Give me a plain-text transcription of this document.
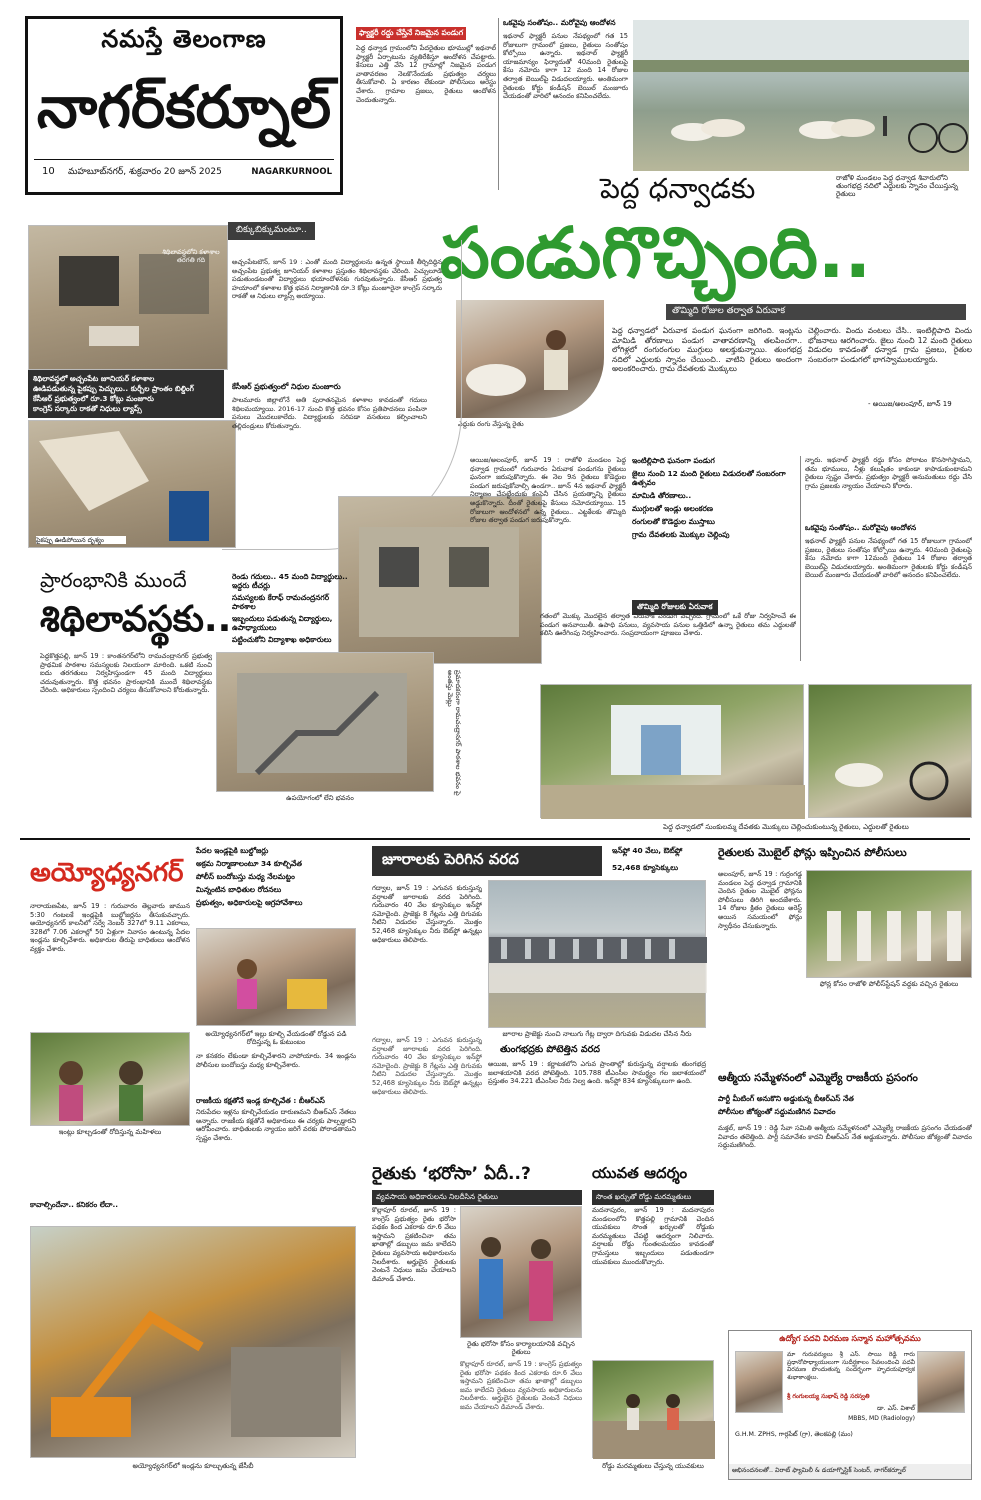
నమస్తే తెలంగాణ
నాగర్‌కర్నూల్
10 మహబూబ్‌నగర్, శుక్రవారం 20 జూన్ 2025	NAGARKURNOOL
ఫ్యాక్టరీ రద్దు చేస్తేనే నిజమైన పండుగ
పెద్ద ధన్వాడ గ్రామంలోని పేదరైతుల భూముల్లో ఇథనాల్ ఫ్యాక్టరీ ఏర్పాటును వ్యతిరేకిస్తూ ఆందోళన చేపట్టారు. కేసులు ఎత్తి వేసి 12 గ్రామాల్లో నిజమైన పండుగ వాతావరణం నెలకొనేందుకు ప్రభుత్వం చర్యలు తీసుకోవాలి. ఏ కారణం లేకుండా పోలీసులు అరెస్టు చేశారు. గ్రామాల ప్రజలు, రైతులు ఆందోళన చెందుతున్నారు.
ఒకవైపు సంతోషం.. మరోవైపు ఆందోళన
ఇథనాల్ ఫ్యాక్టరీ పనుల నేపథ్యంలో గత 15 రోజులుగా గ్రామంలో ప్రజలు, రైతులు సంతోషం కోల్పోయి ఉన్నారు. ఇథనాల్ ఫ్యాక్టరీ యాజమాన్యం ఫిర్యాదుతో 40మంది రైతులపై కేసు నమోదు కాగా 12 మంది 14 రోజుల తర్వాత బెయిల్‌పై విడుదలయ్యారు. అంతిమంగా రైతులకు కోర్టు కండీషన్ బెయిల్ మంజూరు చేయడంతో వారిలో ఆనందం కనిపించలేదు.
రాజోళి మండలం పెద్ద ధన్వాడ శివారులోని తుంగభద్ర నదిలో ఎద్దులకు స్నానం చేయిస్తున్న రైతులు
పెద్ద ధన్వాడకు
పండుగొచ్చింది..
తొమ్మిది రోజుల తర్వాత ఏరువాక
ఎద్దుకు రంగు వేస్తున్న రైతు
పెద్ద ధన్వాడలో ఏరువాక పండుగ ఘనంగా జరిగింది. ఇంట్లను మామిడి తోరణాలు పండుగ వాతావరణాన్ని తలపించగా.. లోగిళ్లలో రంగురంగుల ముగ్గులు అలక్తుకున్నాయి. తుంగభద్ర నదిలో ఎద్దులకు స్నానం చేయించి.. వాటిని రైతులు అందంగా అలంకరించారు. గ్రామ దేవతలకు మొక్కులు
చెల్లించారు. విందు వంటలు చేసి.. ఇంటిల్లిపాది విందు భోజనాలు ఆరగించారు. జైలు నుంచి 12 మంది రైతులు విడుదల కావడంతో ధన్వాడ గ్రామ ప్రజలు, రైతుల సంబరంగా పండుగలో భాగస్వాములయ్యారు.
- అయిజ/అలంపూర్, జూన్ 19
బిక్కుబిక్కుమంటూ..
శిథిలావస్థలోని కళాశాల తరగతి గది
శిథిలావస్థలో అచ్చంపేట జూనియర్ కళాశాల
ఊడిపడుతున్న పైకప్పు పెచ్చులు.. కుర్చీల ప్రాంతం బిల్డింగ్
కేసీఆర్ ప్రభుత్వంలో రూ.3 కోట్లు మంజూరు
కాంగ్రెస్ సర్కారు రాకతో నిధులు ల్యాప్స్
పైకప్పు ఊడిపోయిన దృశ్యం
అచ్చంపేటటౌన్, జూన్ 19 : ఎంతో మంది విద్యార్థులను ఉన్నత స్థాయికి తీర్చిదిద్దిన అచ్చంపేట ప్రభుత్వ జూనియర్ కళాశాల ప్రస్తుతం శిథిలావస్థకు చేరింది. పెచ్చులూడి పడుతుండటంతో విద్యార్థులు భయాందోళనకు గురవుతున్నారు. కేసీఆర్ ప్రభుత్వ హయాంలో కళాశాల కొత్త భవన నిర్మాణానికి రూ.3 కోట్లు మంజూరైనా కాంగ్రెస్ సర్కారు రాకతో ఆ నిధులు ల్యాప్స్ అయ్యాయి.
కేసీఆర్ ప్రభుత్వంలో నిధుల మంజూరు
పాలమూరు జిల్లాలోనే అతి పురాతనమైన కళాశాల కావడంతో గదులు శిథిలమయ్యాయి. 2016-17 నుంచి కొత్త భవనం కోసం ప్రతిపాదనలు పంపినా పనులు మొదలుకాలేదు. విద్యార్థులకు సరిపడా వసతులు కల్పించాలని తల్లిదండ్రులు కోరుతున్నారు.
ప్రమాదకరంగా రామచంద్రానగర్ పాఠశాల భవనం పై అంతస్తు మెట్లు
ఉపయోగంలో లేని భవనం
ప్రారంభానికి ముందే
శిథిలావస్థకు..
రెండు గదులు.. 45 మంది విద్యార్థులు.. ఇద్దరు టీచర్లు
సమస్యలకు కేరాఫ్ రామచంద్రనగర్ పాఠశాల
ఇబ్బందులు పడుతున్న విద్యార్థులు, ఉపాధ్యాయులు
పట్టించుకోని విద్యాశాఖ అధికారులు
పెద్దకొత్తపల్లి, జూన్ 19 : కాంతనగర్‌లోని రామచంద్రానగర్ ప్రభుత్వ ప్రాథమిక పాఠశాల సమస్యలకు నిలయంగా మారింది. ఒకటి నుంచి ఐదు తరగతులు నిర్వహిస్తుండగా 45 మంది విద్యార్థులు చదువుతున్నారు. కొత్త భవనం ప్రారంభానికి ముందే శిథిలావస్థకు చేరింది. అధికారులు స్పందించి చర్యలు తీసుకోవాలని కోరుతున్నారు.
ఇంటిల్లిపాది ఘనంగా పండుగ
జైలు నుంచి 12 మంది రైతులు విడుదలతో సంబరంగా ఉత్సవం
మామిడి తోరణాలు..
ముగ్గులతో ఇండ్లు అలంకరణ
రంగులతో కొడెద్దుల ముస్తాబు
గ్రామ దేవతలకు మొక్కుల చెల్లింపు
అయిజ/అలంపూర్, జూన్ 19 : రాజోళి మండలం పెద్ద ధన్వాడ గ్రామంలో గురువారం ఏరువాక పండుగను రైతులు ఘనంగా జరుపుకొన్నారు. ఈ నెల 9న రైతులు కొడెద్దుల పండుగ జరుపుకోవాల్సి ఉండగా.. జూన్ 4న ఇథనాల్ ఫ్యాక్టరీ నిర్మాణం చేపట్టేందుకు కంపెనీ చేసిన ప్రయత్నాన్ని రైతులు అడ్డుకొన్నారు. దీంతో రైతులపై కేసులు నమోదయ్యాయి. 15 రోజులుగా ఆందోళనలో ఉన్న రైతులు.. ఎట్టకేలకు తొమ్మిది రోజుల తర్వాత పండుగ జరుపుకొన్నారు.
తొమ్మిది రోజులకు ఏరువాక
గతంలో మొక్కు మొదలైన తర్వాత ఏరువాక పండుగ వచ్చింది. గ్రామంలో ఒకే రోజు నిర్వహించే ఈ పండుగ ఆనవాయితీ. ఉపాధి పనులు, వ్యవసాయ పనుల ఒత్తిడిలో ఉన్నా రైతులు తమ ఎద్దులతో కలిసి ఊరేగింపు నిర్వహించారు. సంప్రదాయంగా పూజలు చేశారు.
న్నారు. ఇథనాల్ ఫ్యాక్టరీ రద్దు కోసం పోరాటం కొనసాగిస్తామని, తమ భూములు, నీళ్లు కలుషితం కాకుండా కాపాడుకుంటామని రైతులు స్పష్టం చేశారు. ప్రభుత్వం ఫ్యాక్టరీ అనుమతులు రద్దు చేసి గ్రామ ప్రజలకు న్యాయం చేయాలని కోరారు.
ఒకవైపు సంతోషం.. మరోవైపు ఆందోళన
ఇథనాల్ ఫ్యాక్టరీ పనుల నేపథ్యంలో గత 15 రోజులుగా గ్రామంలో ప్రజలు, రైతులు సంతోషం కోల్పోయి ఉన్నారు. 40మంది రైతులపై కేసు నమోదు కాగా 12మంది రైతులు 14 రోజుల తర్వాత బెయిల్‌పై విడుదలయ్యారు. అంతిమంగా రైతులకు కోర్టు కండీషన్ బెయిల్ మంజూరు చేయడంతో వారిలో ఆనందం కనిపించలేదు.
పెద్ద ధన్వాడలో సుంకులమ్మ దేవతకు మొక్కులు చెల్లించుకుంటున్న రైతులు, ఎద్దులతో రైతులు
అయ్యోధ్యనగర్
పేదల ఇండ్లపైకి బుల్డోజర్లు
అక్రమ నిర్మాణాలంటూ 34 కూల్చివేత
పోలీస్ బందోబస్తు మధ్య నేలమట్టం
మిన్నంటిన బాధితుల రోదనలు
ప్రభుత్వం, అధికారులపై ఆగ్రహావేశాలు
నారాయణపేట, జూన్ 19 : గురువారం తెల్లవారు జామున 5:30 గంటలకే ఇండ్లపైకి బుల్డోజర్లను తీసుకువచ్చారు. అయోధ్యనగర్ కాలనీలో సర్వే నెంబర్ 327లో 9.11 ఎకరాలు, 328లో 7.06 ఎకరాల్లో 50 ఏళ్లుగా నివాసం ఉంటున్న పేదల ఇండ్లను కూల్చివేశారు. అధికారుల తీరుపై బాధితులు ఆందోళన వ్యక్తం చేశారు.
అయ్యోధ్యనగర్‌లో ఇల్లు కూల్చి వేయడంతో రోడ్డున పడి రోదిస్తున్న ఓ కుటుంబం
నా కనకరం లేకుండా కూల్చివేశారని వాపోయారు. 34 ఇండ్లను పోలీసుల బందోబస్తు మధ్య కూల్చివేశారు.
ఇంట్లు కూల్చడంతో రోదిస్తున్న మహిళలు
రాజకీయ కక్షతోనే ఇండ్ల కూల్చివేత : బీఆర్ఎస్
నిరుపేదల ఇళ్లను కూల్చివేయడం దారుణమని బీఆర్ఎస్ నేతలు అన్నారు. రాజకీయ కక్షతోనే అధికారులు ఈ చర్యకు పాల్పడ్డారని ఆరోపించారు. బాధితులకు న్యాయం జరిగే వరకు పోరాడతామని స్పష్టం చేశారు.
కావాల్సిందేనా.. కనికరం లేదా..
అయ్యోధ్యనగర్‌లో ఇండ్లను కూల్చుతున్న జేసీబీ
జూరాలకు పెరిగిన వరద	ఇన్‌ఫ్లో 40 వేలు, ఔట్‌ఫ్లో
52,468 క్యూసెక్కులు
గద్వాల, జూన్ 19 : ఎగువన కురుస్తున్న వర్షాలతో జూరాలకు వరద పెరిగింది. గురువారం 40 వేల క్యూసెక్కుల ఇన్‌ఫ్లో నమోదైంది. ప్రాజెక్టు 8 గేట్లను ఎత్తి దిగువకు నీటిని విడుదల చేస్తున్నారు. మొత్తం 52,468 క్యూసెక్కుల నీరు ఔట్‌ఫ్లో ఉన్నట్లు అధికారులు తెలిపారు.
జూరాల ప్రాజెక్టు నుంచి నాలుగు గేట్ల ద్వారా దిగువకు విడుదల చేసిన నీరు
తుంగభద్రకు పోటెత్తిన వరద
అయిజ, జూన్ 19 : కర్ణాటకలోని ఎగువ ప్రాంతాల్లో కురుస్తున్న వర్షాలకు తుంగభద్ర జలాశయానికి వరద పోటెత్తింది. 105.788 టీఎంసీల సామర్థ్యం గల జలాశయంలో ప్రస్తుతం 34.221 టీఎంసీల నీరు నిల్వ ఉంది. ఇన్‌ఫ్లో 834 క్యూసెక్కులుగా ఉంది.
గద్వాల, జూన్ 19 : ఎగువన కురుస్తున్న వర్షాలతో జూరాలకు వరద పెరిగింది. గురువారం 40 వేల క్యూసెక్కుల ఇన్‌ఫ్లో నమోదైంది. ప్రాజెక్టు 8 గేట్లను ఎత్తి దిగువకు నీటిని విడుదల చేస్తున్నారు. మొత్తం 52,468 క్యూసెక్కుల నీరు ఔట్‌ఫ్లో ఉన్నట్లు అధికారులు తెలిపారు.
రైతులకు మొబైల్ ఫోన్లు ఇప్పించిన పోలీసులు
అలంపూర్, జూన్ 19 : గుర్రంగడ్డ మండలం పెద్ద ధన్వాడ గ్రామానికి చెందిన రైతుల మొబైల్ ఫోన్లను పోలీసులు తిరిగి అందజేశారు. 14 రోజుల క్రితం రైతులు అరెస్ట్ అయిన సమయంలో ఫోన్లు స్వాధీనం చేసుకున్నారు.
ఫోన్ల కోసం రాజోళి పోలీస్‌స్టేషన్ వద్దకు వచ్చిన రైతులు
ఆత్మీయ సమ్మేళనంలో ఎమ్మెల్యే రాజకీయ ప్రసంగం
పార్టీ మీటింగ్ అనుకొని అడ్డుకున్న బీఆర్ఎస్ నేత
పోలీసుల జోక్యంతో సద్దుమణిగిన వివాదం
మక్తల్, జూన్ 19 : రెడ్డి సేవా సమితి ఆత్మీయ సమ్మేళనంలో ఎమ్మెల్యే రాజకీయ ప్రసంగం చేయడంతో వివాదం తలెత్తింది. పార్టీ సమావేశం కాదని బీఆర్ఎస్ నేత అడ్డుకున్నారు. పోలీసుల జోక్యంతో వివాదం సద్దుమణిగింది.
రైతుకు ‘భరోసా’ ఏదీ..?
వ్యవసాయ అధికారులను నిలదీసిన రైతులు
కొల్లాపూర్ రూరల్, జూన్ 19 : కాంగ్రెస్ ప్రభుత్వం రైతు భరోసా పథకం కింద ఎకరాకు రూ.6 వేలు ఇస్తామని ప్రకటించినా తమ ఖాతాల్లో డబ్బులు జమ కాలేదని రైతులు వ్యవసాయ అధికారులను నిలదీశారు. అర్హులైన రైతులకు వెంటనే నిధులు జమ చేయాలని డిమాండ్ చేశారు.
రైతు భరోసా కోసం కార్యాలయానికి వచ్చిన రైతులు
కొల్లాపూర్ రూరల్, జూన్ 19 : కాంగ్రెస్ ప్రభుత్వం రైతు భరోసా పథకం కింద ఎకరాకు రూ.6 వేలు ఇస్తామని ప్రకటించినా తమ ఖాతాల్లో డబ్బులు జమ కాలేదని రైతులు వ్యవసాయ అధికారులను నిలదీశారు. అర్హులైన రైతులకు వెంటనే నిధులు జమ చేయాలని డిమాండ్ చేశారు.
యువత ఆదర్శం
సొంత ఖర్చుతో రోడ్డు మరమ్మతులు
మదనాపురం, జూన్ 19 : మదనాపురం మండలంలోని కొత్తపల్లి గ్రామానికి చెందిన యువకులు సొంత ఖర్చులతో రోడ్డుకు మరమ్మతులు చేపట్టి ఆదర్శంగా నిలిచారు. వర్షాలకు రోడ్డు గుంతలమయం కావడంతో గ్రామస్తులు ఇబ్బందులు పడుతుండగా యువకులు ముందుకొచ్చారు.
రోడ్డు మరమ్మతులు చేస్తున్న యువకులు
ఉద్యోగ పదవి విరమణ సన్మాన మహోత్సవము
మా గురువర్యులు శ్రీ ఎస్. సాయి రెడ్డి గారు ప్రధానోపాధ్యాయులుగా సుదీర్ఘకాలం సేవలందించి పదవీ విరమణ పొందుతున్న సందర్భంగా హృదయపూర్వక శుభాకాంక్షలు.
శ్రీ గంగులయ్య సుభాష్ రెడ్డి సరస్వతి
డా. ఎస్. విశాల్
MBBS, MD (Radiology)
G.H.M. ZPHS, గార్గపేట్ (గ్రా), తెలకపల్లి (మం)
అభినందనలతో.. విరాట్ ఫ్యామిలీ & డయాగ్నొస్టిక్ సెంటర్, నాగర్‌కర్నూల్
